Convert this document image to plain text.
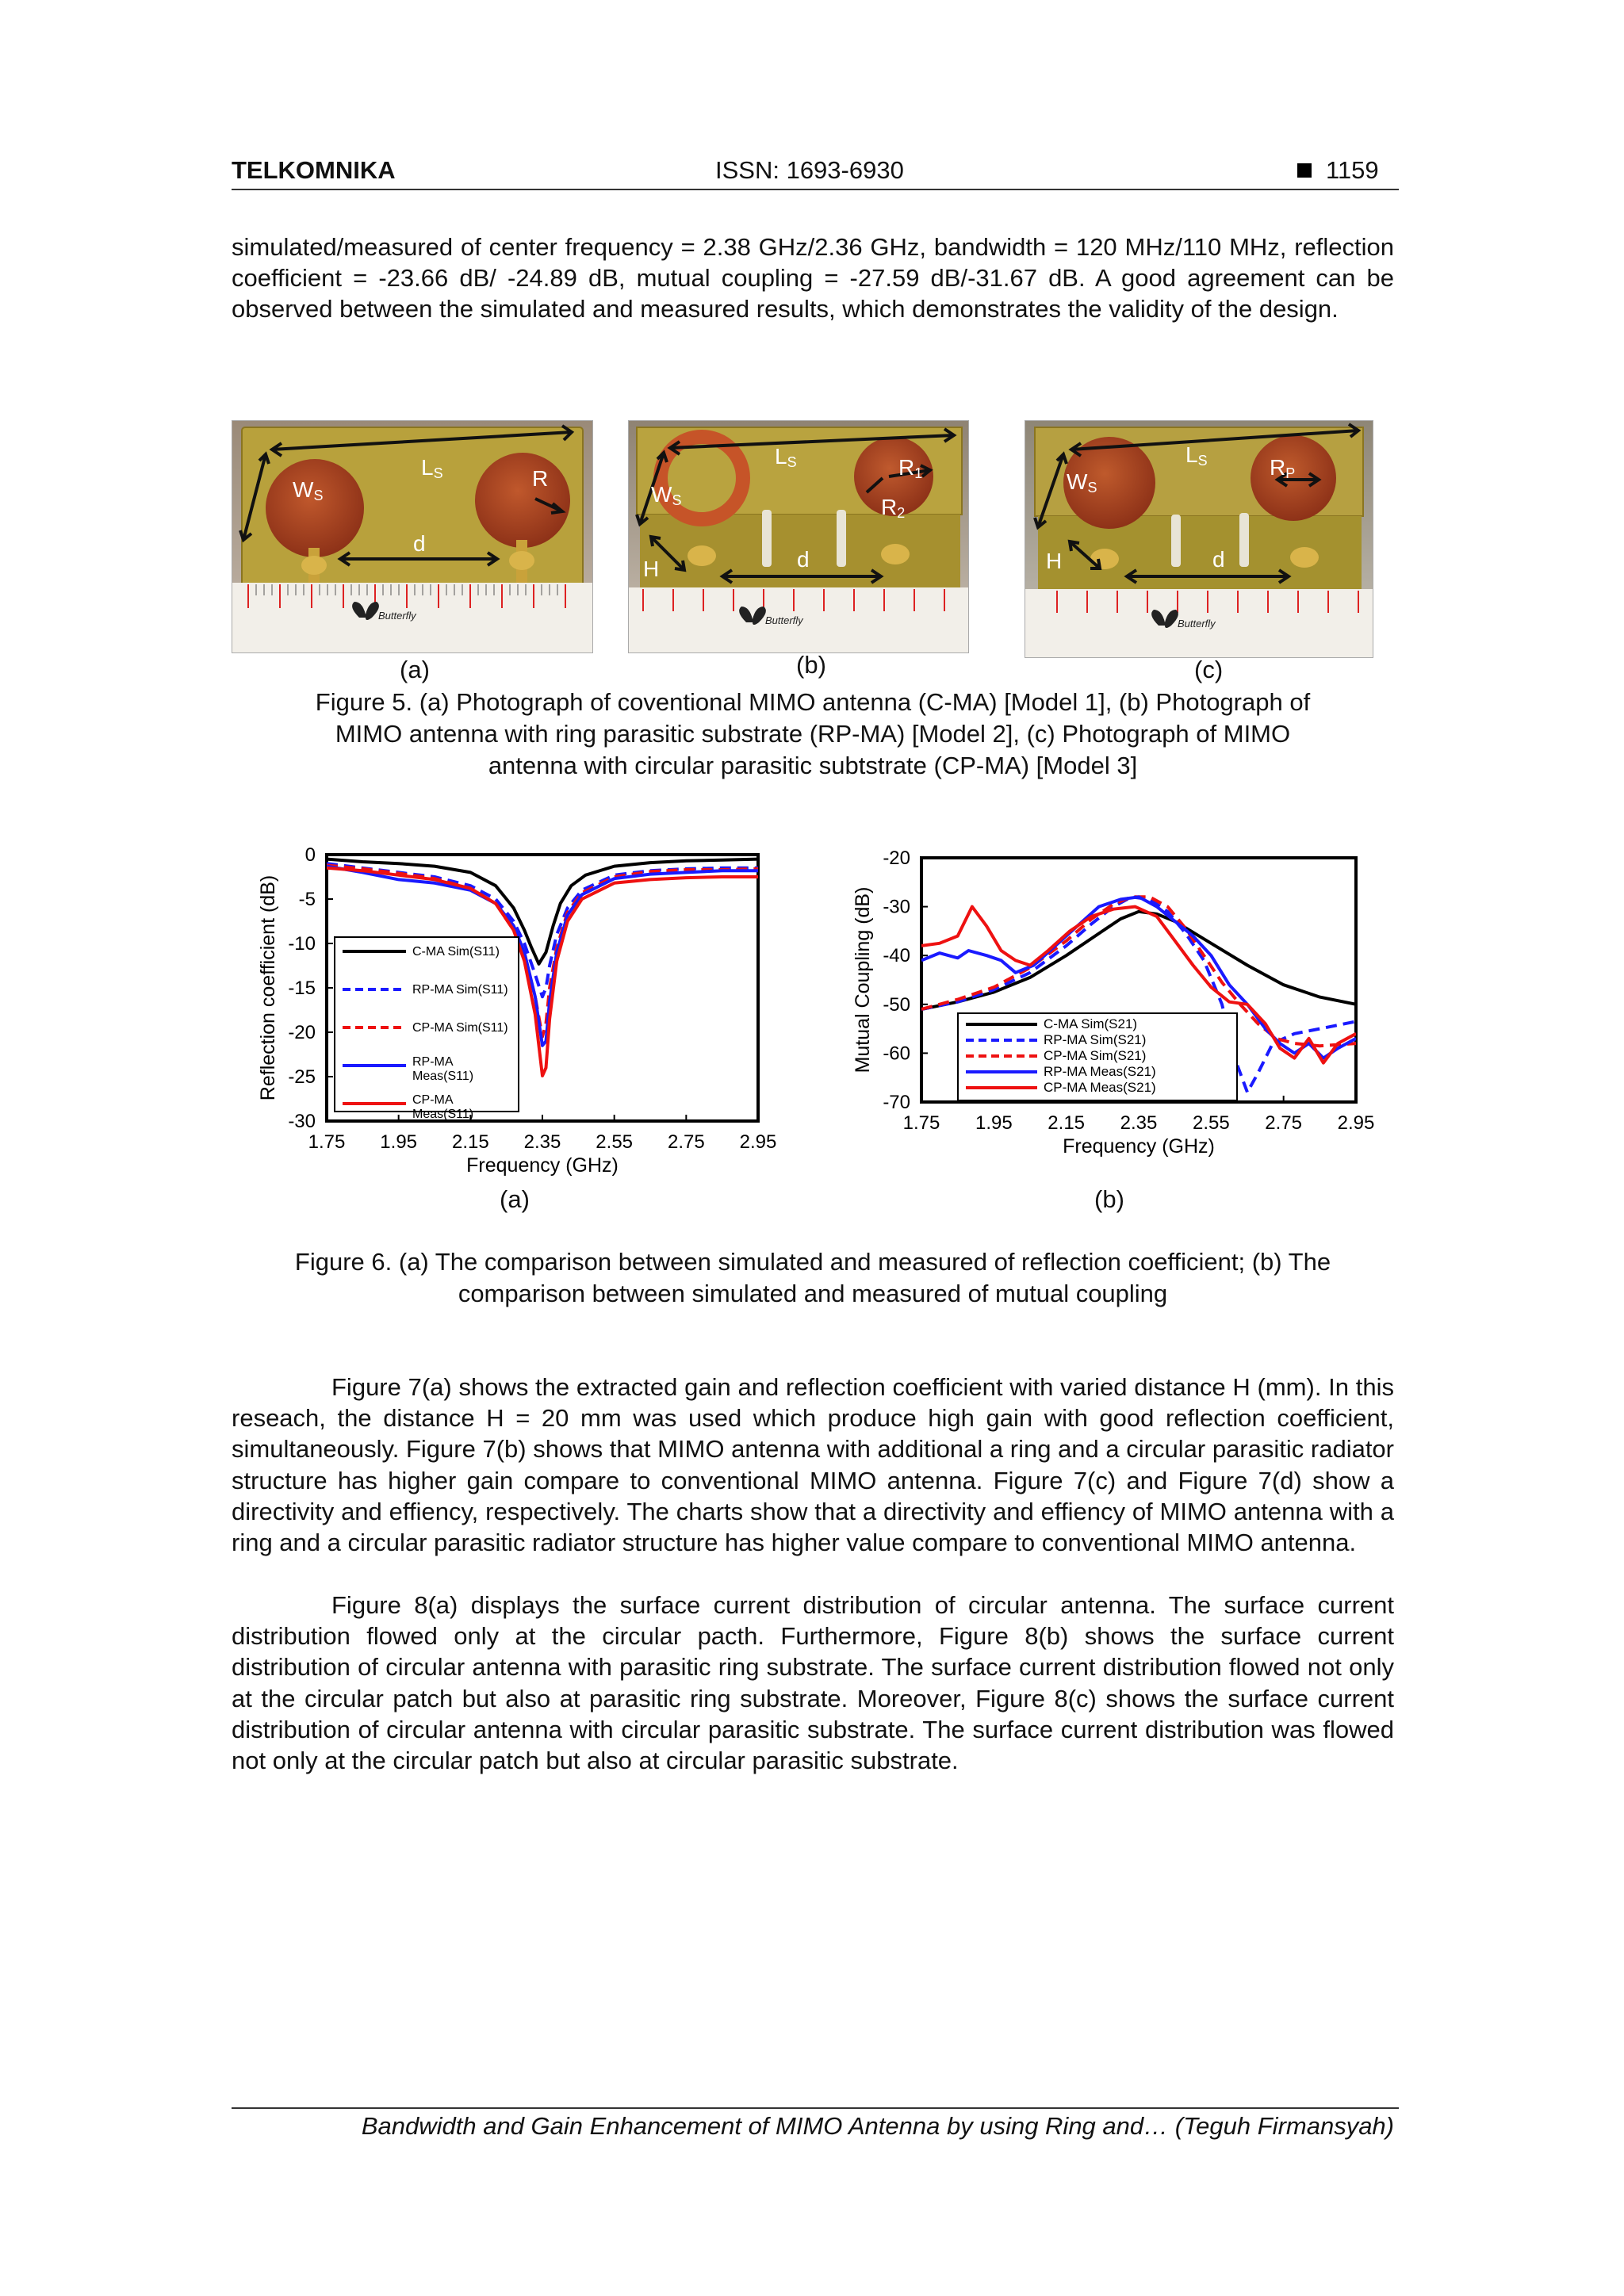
TELKOMNIKA	ISSN: 1693-6930	1159
simulated/measured of center frequency = 2.38 GHz/2.36 GHz, bandwidth = 120 MHz/110 MHz, reflection coefficient = -23.66 dB/ -24.89 dB, mutual coupling = -27.59 dB/-31.67 dB. A good agreement can be observed between the simulated and measured results, which demonstrates the validity of the design.
Butterfly
LS
WS
R
d
(a)
Butterfly
LS
WS
R1
R2
H	d
(b)
Butterfly
LS
WS
RP
H	d
(c)
Figure 5. (a) Photograph of coventional MIMO antenna (C-MA) [Model 1], (b) Photograph of
MIMO antenna with ring parasitic substrate (RP-MA) [Model 2], (c) Photograph of MIMO
antenna with circular parasitic subtstrate (CP-MA) [Model 3]
1.75 1.95 2.15 2.35 2.55 2.75 2.95
0
-5
-10
-15
-20
-25
-30
Frequency (GHz)
Reflection coefficient (dB)	C-MA Sim(S11)
RP-MA Sim(S11)
CP-MA Sim(S11)
RP-MA Meas(S11)
CP-MA Meas(S11)	1.75 1.95 2.15 2.35 2.55 2.75 2.95
-20
-30
-40
-50
-60
-70
Frequency (GHz)
Mutual Coupling (dB)	C-MA Sim(S21)
RP-MA Sim(S21)
CP-MA Sim(S21)
RP-MA Meas(S21)
CP-MA Meas(S21)
(a)	(b)
Figure 6. (a) The comparison between simulated and measured of reflection coefficient; (b) The
comparison between simulated and measured of mutual coupling
Figure 7(a) shows the extracted gain and reflection coefficient with varied distance H (mm). In this reseach, the distance H = 20 mm was used which produce high gain with good reflection coefficient, simultaneously. Figure 7(b) shows that MIMO antenna with additional a ring and a circular parasitic radiator structure has higher gain compare to conventional MIMO antenna. Figure 7(c) and Figure 7(d) show a directivity and effiency, respectively. The charts show that a directivity and effiency of MIMO antenna with a ring and a circular parasitic radiator structure has higher value compare to conventional MIMO antenna.
Figure 8(a) displays the surface current distribution of circular antenna. The surface current distribution flowed only at the circular pacth. Furthermore, Figure 8(b) shows the surface current distribution of circular antenna with parasitic ring substrate. The surface current distribution flowed not only at the circular patch but also at parasitic ring substrate. Moreover, Figure 8(c) shows the surface current distribution of circular antenna with circular parasitic substrate. The surface current distribution was flowed not only at the circular patch but also at circular parasitic substrate.
Bandwidth and Gain Enhancement of MIMO Antenna by using Ring and… (Teguh Firmansyah)
